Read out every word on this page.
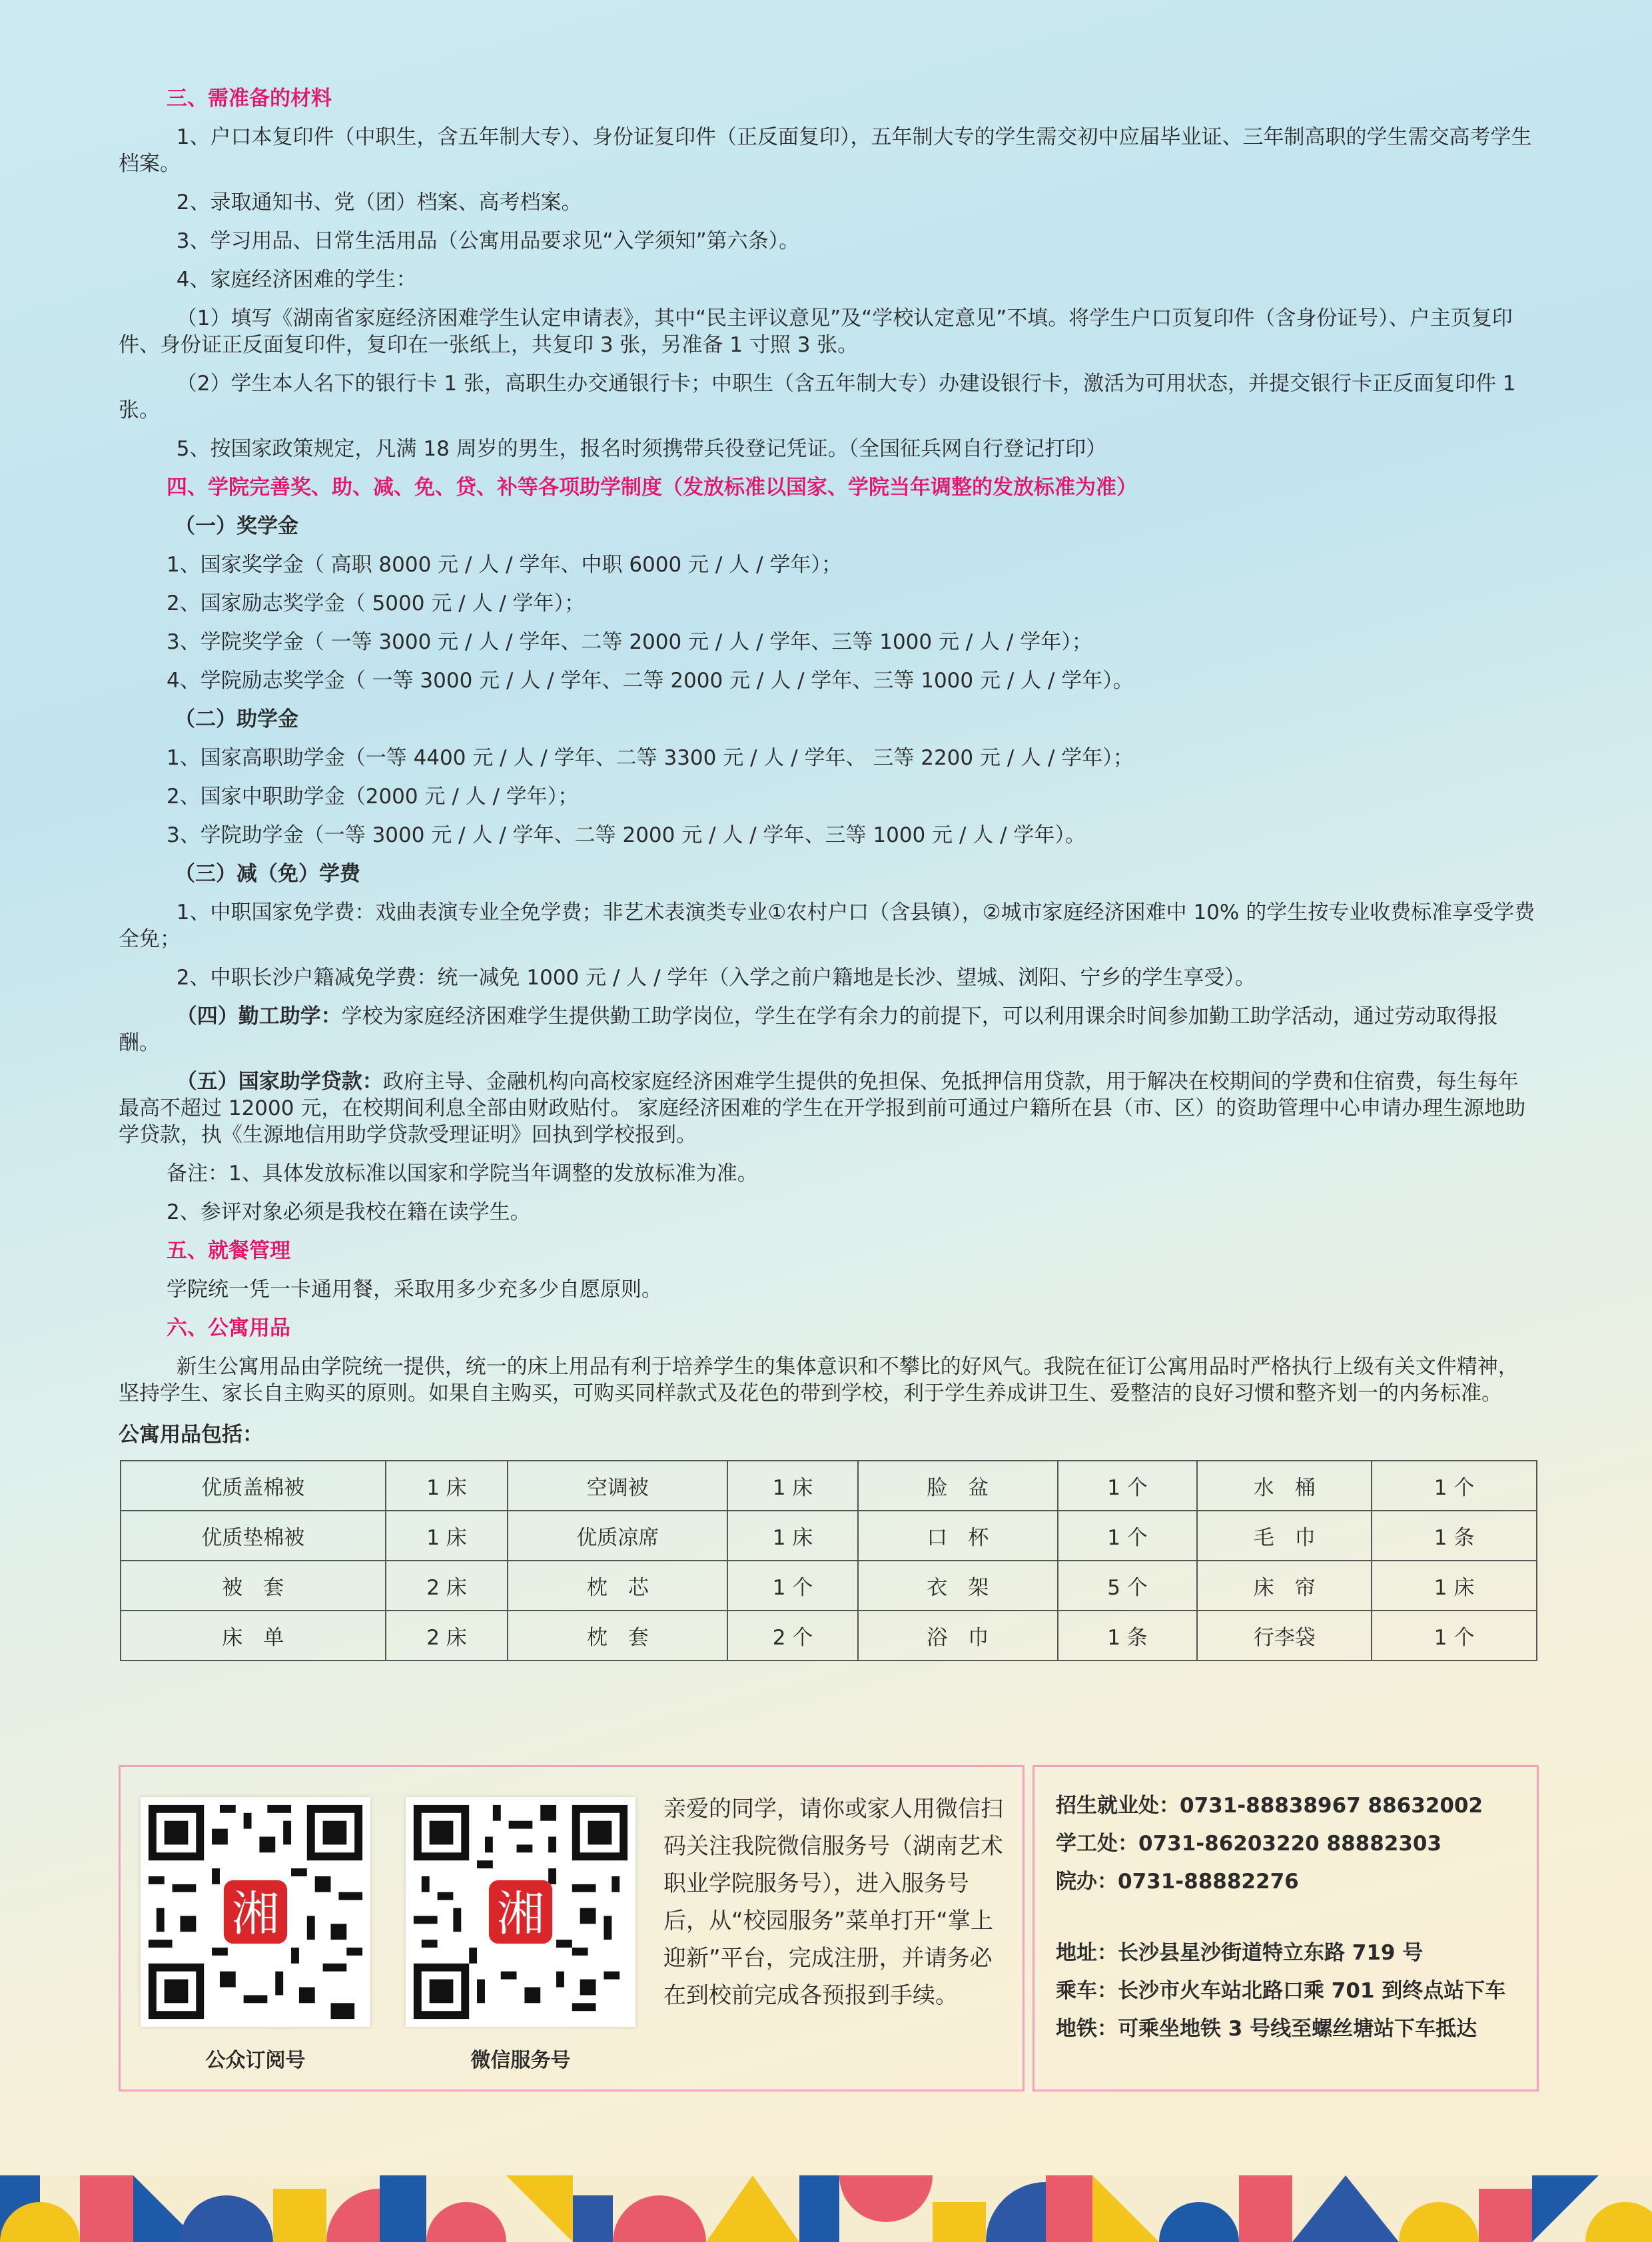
三、需准备的材料

1、户口本复印件（中职生，含五年制大专）、身份证复印件（正反面复印），五年制大专的学生需交初中应届毕业证、三年制高职的学生需交高考学生档案。

2、录取通知书、党（团）档案、高考档案。

3、学习用品、日常生活用品（公寓用品要求见“入学须知”第六条）。

4、家庭经济困难的学生：

（1）填写《湖南省家庭经济困难学生认定申请表》，其中“民主评议意见”及“学校认定意见”不填。将学生户口页复印件（含身份证号）、户主页复印件、身份证正反面复印件，复印在一张纸上，共复印 3 张，另准备 1 寸照 3 张。

（2）学生本人名下的银行卡 1 张，高职生办交通银行卡；中职生（含五年制大专）办建设银行卡，激活为可用状态，并提交银行卡正反面复印件 1 张。

5、按国家政策规定，凡满 18 周岁的男生，报名时须携带兵役登记凭证。（全国征兵网自行登记打印）

四、学院完善奖、助、减、免、贷、补等各项助学制度（发放标准以国家、学院当年调整的发放标准为准）

（一）奖学金

1、国家奖学金（ 高职 8000 元 / 人 / 学年、中职 6000 元 / 人 / 学年）；

2、国家励志奖学金（ 5000 元 / 人 / 学年）；

3、学院奖学金（ 一等 3000 元 / 人 / 学年、二等 2000 元 / 人 / 学年、三等 1000 元 / 人 / 学年）；

4、学院励志奖学金（ 一等 3000 元 / 人 / 学年、二等 2000 元 / 人 / 学年、三等 1000 元 / 人 / 学年）。

（二）助学金

1、国家高职助学金（一等 4400 元 / 人 / 学年、二等 3300 元 / 人 / 学年、 三等 2200 元 / 人 / 学年）；

2、国家中职助学金（2000 元 / 人 / 学年）；

3、学院助学金（一等 3000 元 / 人 / 学年、二等 2000 元 / 人 / 学年、三等 1000 元 / 人 / 学年）。

（三）减（免）学费

1、中职国家免学费：戏曲表演专业全免学费；非艺术表演类专业①农村户口（含县镇），②城市家庭经济困难中 10% 的学生按专业收费标准享受学费全免；

2、中职长沙户籍减免学费：统一减免 1000 元 / 人 / 学年（入学之前户籍地是长沙、望城、浏阳、宁乡的学生享受）。

（四）勤工助学：学校为家庭经济困难学生提供勤工助学岗位，学生在学有余力的前提下，可以利用课余时间参加勤工助学活动，通过劳动取得报酬。

（五）国家助学贷款：政府主导、金融机构向高校家庭经济困难学生提供的免担保、免抵押信用贷款，用于解决在校期间的学费和住宿费，每生每年最高不超过 12000 元，在校期间利息全部由财政贴付。 家庭经济困难的学生在开学报到前可通过户籍所在县（市、区）的资助管理中心申请办理生源地助学贷款，执《生源地信用助学贷款受理证明》回执到学校报到。

备注：1、具体发放标准以国家和学院当年调整的发放标准为准。

2、参评对象必须是我校在籍在读学生。

五、就餐管理

学院统一凭一卡通用餐，采取用多少充多少自愿原则。

六、公寓用品

新生公寓用品由学院统一提供，统一的床上用品有利于培养学生的集体意识和不攀比的好风气。我院在征订公寓用品时严格执行上级有关文件精神，坚持学生、家长自主购买的原则。如果自主购买，可购买同样款式及花色的带到学校，利于学生养成讲卫生、爱整洁的良好习惯和整齐划一的内务标准。

公寓用品包括：

优质盖棉被	1 床	空调被	1 床	脸　盆	1 个	水　桶	1 个
优质垫棉被	1 床	优质凉席	1 床	口　杯	1 个	毛　巾	1 条
被　套	2 床	枕　芯	1 个	衣　架	5 个	床　帘	1 床
床　单	2 床	枕　套	2 个	浴　巾	1 条	行李袋	1 个
湘
公众订阅号
湘
微信服务号
亲爱的同学，请你或家人用微信扫码关注我院微信服务号（湖南艺术职业学院服务号），进入服务号后，从“校园服务”菜单打开“掌上迎新”平台，完成注册，并请务必在到校前完成各预报到手续。
招生就业处：0731-88838967 88632002
学工处：0731-86203220 88882303
院办：0731-88882276
地址：长沙县星沙街道特立东路 719 号
乘车：长沙市火车站北路口乘 701 到终点站下车
地铁：可乘坐地铁 3 号线至螺丝塘站下车抵达
